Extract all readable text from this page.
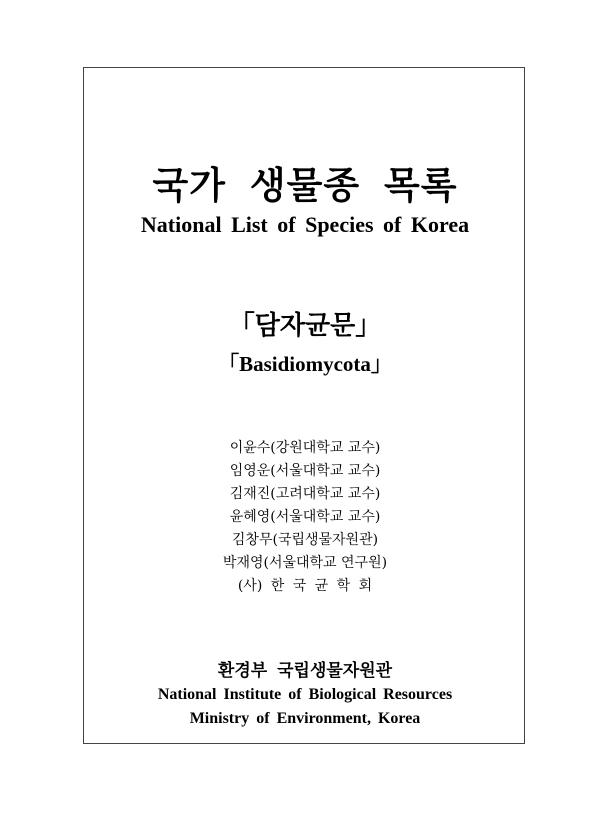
국가 생물종 목록
National List of Species of Korea
「담자균문」
「Basidiomycota」
이윤수(강원대학교 교수)
임영운(서울대학교 교수)
김재진(고려대학교 교수)
윤혜영(서울대학교 교수)
김창무(국립생물자원관)
박재영(서울대학교 연구원)
(사) 한 국 균 학 회
환경부 국립생물자원관
National Institute of Biological Resources
Ministry of Environment, Korea
